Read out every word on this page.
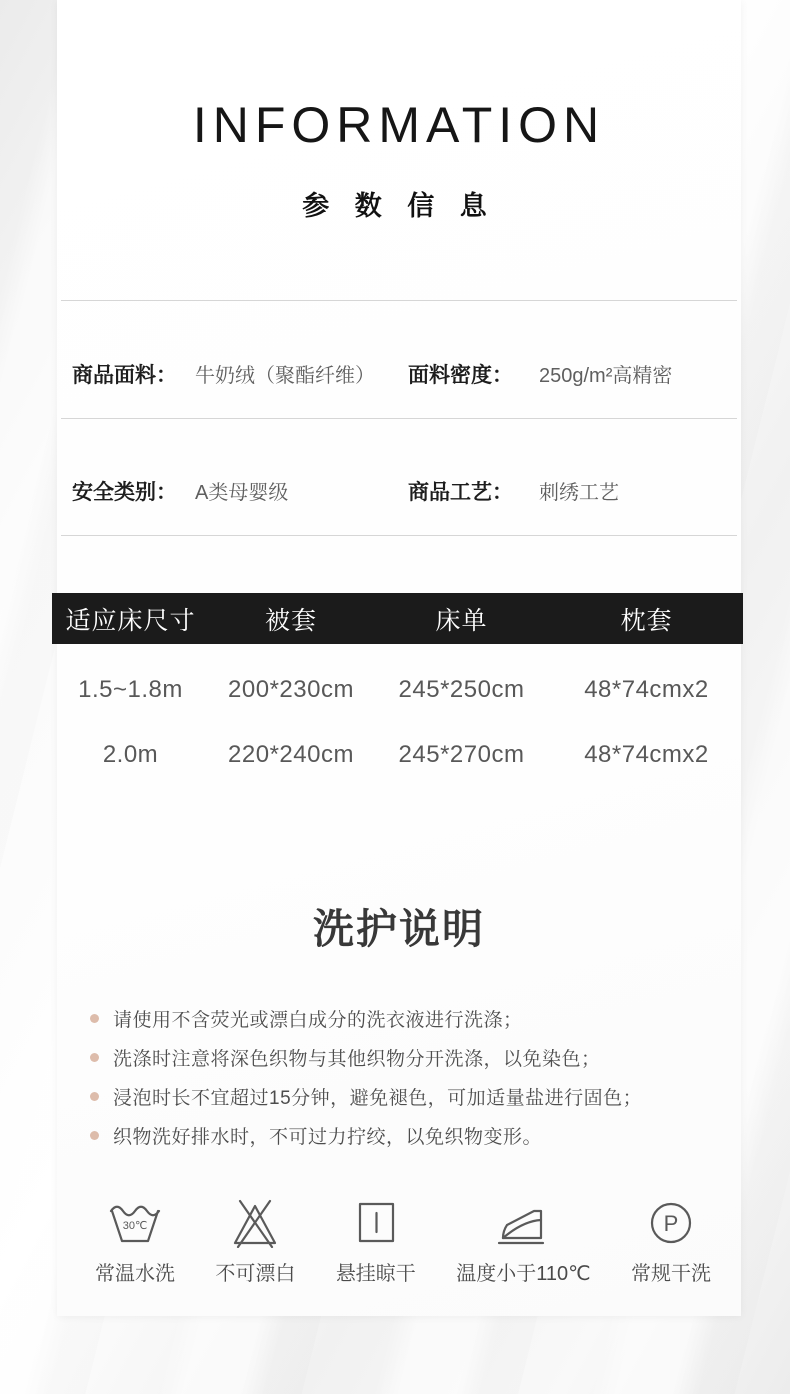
INFORMATION
参 数 信 息
商品面料： 牛奶绒（聚酯纤维） 面料密度： 250g/m²高精密
安全类别： A类母婴级	商品工艺： 刺绣工艺
适应床尺寸	被套	床单	枕套
1.5~1.8m	200*230cm	245*250cm	48*74cmx2
2.0m	220*240cm	245*270cm	48*74cmx2
洗护说明
请使用不含荧光或漂白成分的洗衣液进行洗涤；
洗涤时注意将深色织物与其他织物分开洗涤，以免染色；
浸泡时长不宜超过15分钟，避免褪色，可加适量盐进行固色；
织物洗好排水时，不可过力拧绞，以免织物变形。
30℃
常温水洗 不可漂白 悬挂晾干 温度小于110℃
P
常规干洗
